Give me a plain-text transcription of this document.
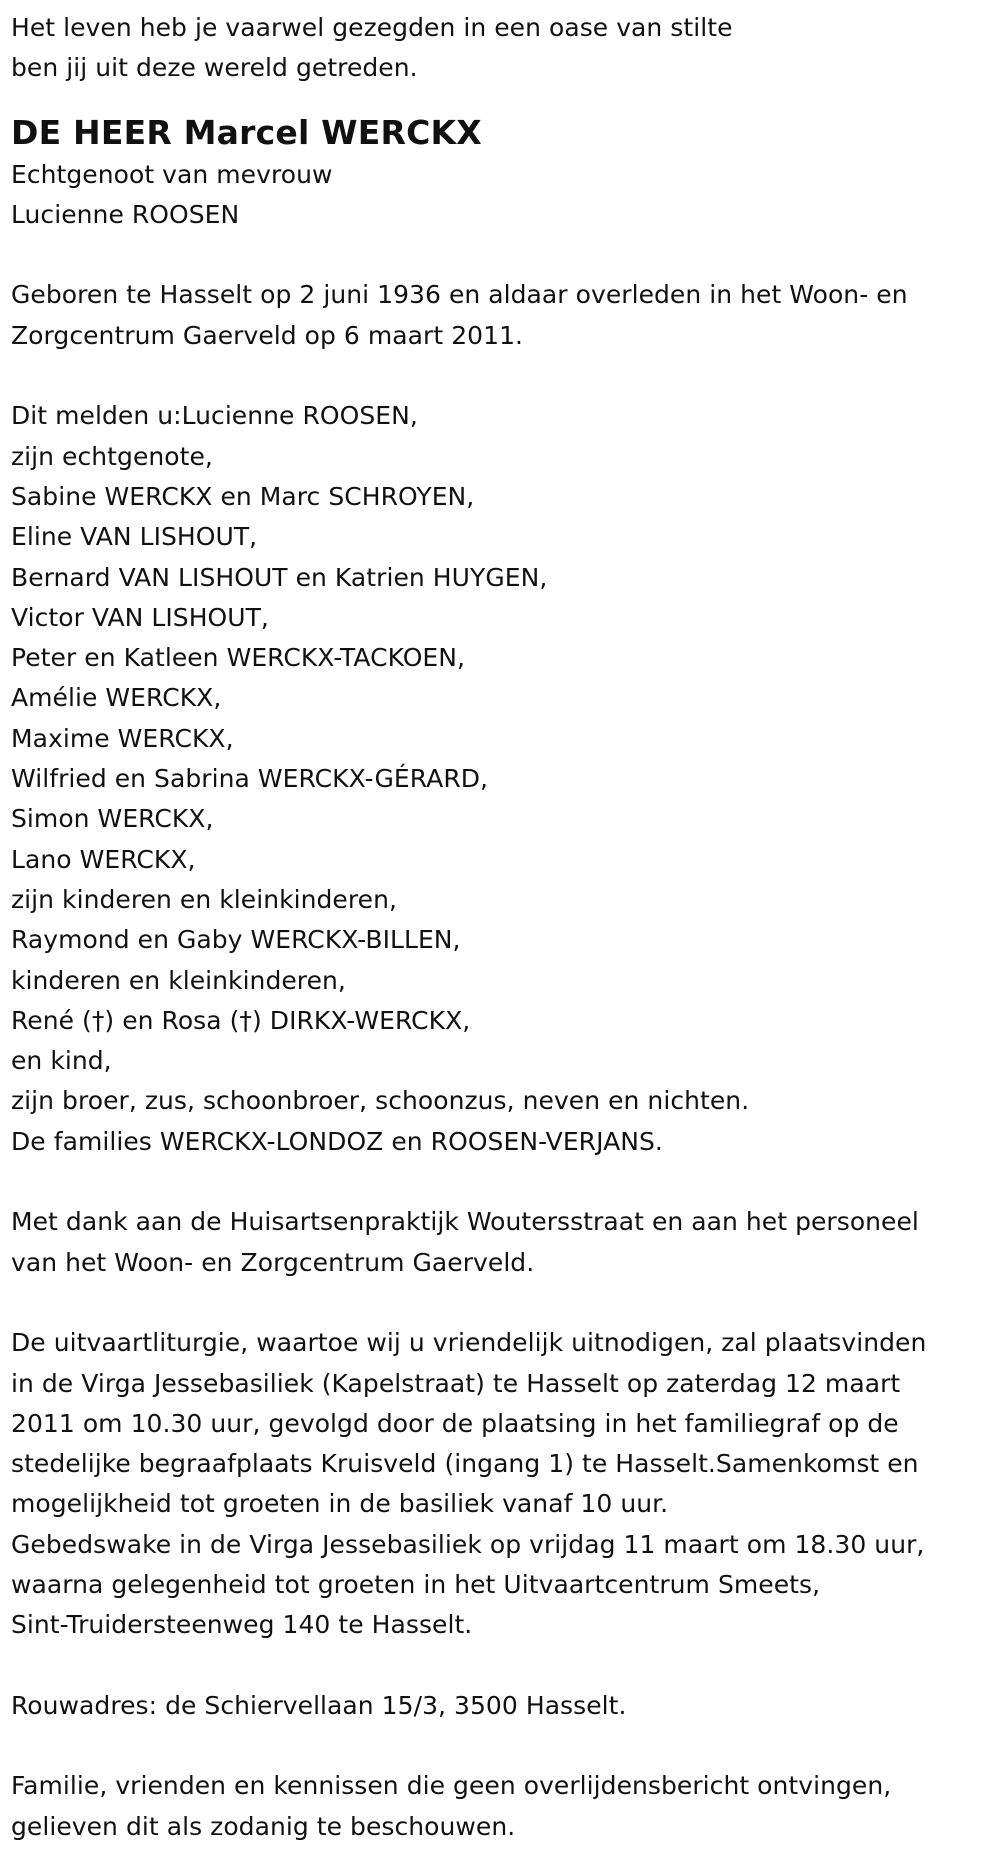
Het leven heb je vaarwel gezegden in een oase van stilte
ben jij uit deze wereld getreden.
DE HEER Marcel WERCKX
Echtgenoot van mevrouw
Lucienne ROOSEN
Geboren te Hasselt op 2 juni 1936 en aldaar overleden in het Woon- en
Zorgcentrum Gaerveld op 6 maart 2011.
Dit melden u:Lucienne ROOSEN,
zijn echtgenote,
Sabine WERCKX en Marc SCHROYEN,
Eline VAN LISHOUT,
Bernard VAN LISHOUT en Katrien HUYGEN,
Victor VAN LISHOUT,
Peter en Katleen WERCKX-TACKOEN,
Amélie WERCKX,
Maxime WERCKX,
Wilfried en Sabrina WERCKX-GÉRARD,
Simon WERCKX,
Lano WERCKX,
zijn kinderen en kleinkinderen,
Raymond en Gaby WERCKX-BILLEN,
kinderen en kleinkinderen,
René (†) en Rosa (†) DIRKX-WERCKX,
en kind,
zijn broer, zus, schoonbroer, schoonzus, neven en nichten.
De families WERCKX-LONDOZ en ROOSEN-VERJANS.
Met dank aan de Huisartsenpraktijk Woutersstraat en aan het personeel
van het Woon- en Zorgcentrum Gaerveld.
De uitvaartliturgie, waartoe wij u vriendelijk uitnodigen, zal plaatsvinden
in de Virga Jessebasiliek (Kapelstraat) te Hasselt op zaterdag 12 maart
2011 om 10.30 uur, gevolgd door de plaatsing in het familiegraf op de
stedelijke begraafplaats Kruisveld (ingang 1) te Hasselt.Samenkomst en
mogelijkheid tot groeten in de basiliek vanaf 10 uur.
Gebedswake in de Virga Jessebasiliek op vrijdag 11 maart om 18.30 uur,
waarna gelegenheid tot groeten in het Uitvaartcentrum Smeets,
Sint-Truidersteenweg 140 te Hasselt.
Rouwadres: de Schiervellaan 15/3, 3500 Hasselt.
Familie, vrienden en kennissen die geen overlijdensbericht ontvingen,
gelieven dit als zodanig te beschouwen.
